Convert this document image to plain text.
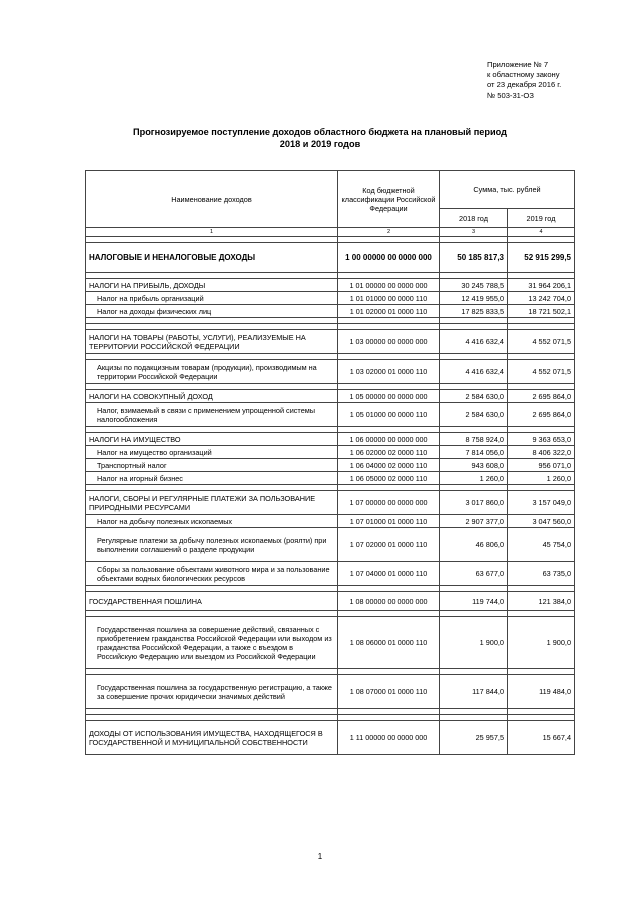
Приложение № 7
к областному закону
от 23 декабря 2016 г.
№ 503-31-ОЗ
Прогнозируемое поступление доходов областного бюджета на плановый период
2018 и 2019 годов
Наименование доходов	Код бюджетной классификации Российской Федерации	Сумма, тыс. рублей	
		2018 год	2019 год
1	2	3	4

НАЛОГОВЫЕ И НЕНАЛОГОВЫЕ ДОХОДЫ	1 00 00000 00 0000 000	50 185 817,3	52 915 299,5

НАЛОГИ НА ПРИБЫЛЬ, ДОХОДЫ	1 01 00000 00 0000 000	30 245 788,5	31 964 206,1
Налог на прибыль организаций	1 01 01000 00 0000 110	12 419 955,0	13 242 704,0
Налог на доходы физических лиц	1 01 02000 01 0000 110	17 825 833,5	18 721 502,1

НАЛОГИ НА ТОВАРЫ (РАБОТЫ, УСЛУГИ), РЕАЛИЗУЕМЫЕ НА ТЕРРИТОРИИ РОССИЙСКОЙ ФЕДЕРАЦИИ	1 03 00000 00 0000 000	4 416 632,4	4 552 071,5

Акцизы по подакцизным товарам (продукции), производимым на территории Российской Федерации	1 03 02000 01 0000 110	4 416 632,4	4 552 071,5

НАЛОГИ НА СОВОКУПНЫЙ ДОХОД	1 05 00000 00 0000 000	2 584 630,0	2 695 864,0
Налог, взимаемый в связи с применением упрощенной системы налогообложения	1 05 01000 00 0000 110	2 584 630,0	2 695 864,0

НАЛОГИ НА ИМУЩЕСТВО	1 06 00000 00 0000 000	8 758 924,0	9 363 653,0
Налог на имущество организаций	1 06 02000 02 0000 110	7 814 056,0	8 406 322,0
Транспортный налог	1 06 04000 02 0000 110	943 608,0	956 071,0
Налог на игорный бизнес	1 06 05000 02 0000 110	1 260,0	1 260,0

НАЛОГИ, СБОРЫ И РЕГУЛЯРНЫЕ ПЛАТЕЖИ ЗА ПОЛЬЗОВАНИЕ ПРИРОДНЫМИ РЕСУРСАМИ	1 07 00000 00 0000 000	3 017 860,0	3 157 049,0
Налог на добычу полезных ископаемых	1 07 01000 01 0000 110	2 907 377,0	3 047 560,0
Регулярные платежи за добычу полезных ископаемых (роялти) при выполнении соглашений о разделе продукции	1 07 02000 01 0000 110	46 806,0	45 754,0
Сборы за пользование объектами животного мира и за пользование объектами водных биологических ресурсов	1 07 04000 01 0000 110	63 677,0	63 735,0

ГОСУДАРСТВЕННАЯ ПОШЛИНА	1 08 00000 00 0000 000	119 744,0	121 384,0

Государственная пошлина за совершение действий, связанных с приобретением гражданства Российской Федерации или выходом из гражданства Российской Федерации, а также с въездом в Российскую Федерацию или выездом из Российской Федерации	1 08 06000 01 0000 110	1 900,0	1 900,0

Государственная пошлина за государственную регистрацию, а также за совершение прочих юридически значимых действий	1 08 07000 01 0000 110	117 844,0	119 484,0

ДОХОДЫ ОТ ИСПОЛЬЗОВАНИЯ ИМУЩЕСТВА, НАХОДЯЩЕГОСЯ В ГОСУДАРСТВЕННОЙ И МУНИЦИПАЛЬНОЙ СОБСТВЕННОСТИ	1 11 00000 00 0000 000	25 957,5	15 667,4
1
